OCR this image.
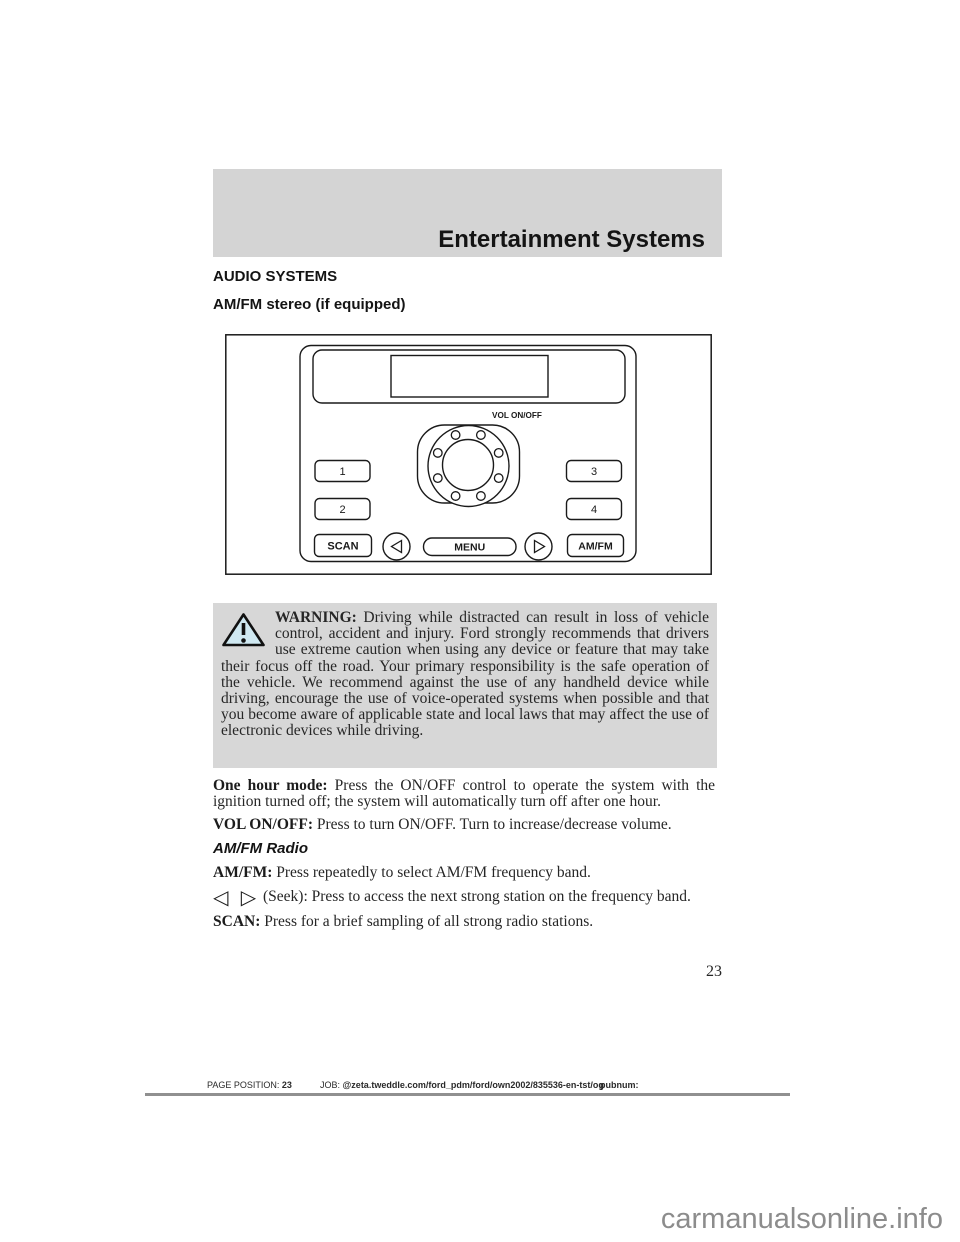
Entertainment Systems
AUDIO SYSTEMS
AM/FM stereo (if equipped)
VOL ON/OFF
1
2
3
4
SCAN	MENU	AM/FM

WARNING: Driving while distracted can result in loss of vehicle control, accident and injury. Ford strongly recommends that drivers use extreme caution when using any device or feature that may take their focus off the road. Your primary responsibility is the safe operation of the vehicle. We recommend against the use of any handheld device while driving, encourage the use of voice-operated systems when possible and that you become aware of applicable state and local laws that may affect the use of electronic devices while driving.

One hour mode: Press the ON/OFF control to operate the system with the ignition turned off; the system will automatically turn off after one hour.

VOL ON/OFF: Press to turn ON/OFF. Turn to increase/decrease volume.

AM/FM Radio

AM/FM: Press repeatedly to select AM/FM frequency band.

◁ ▷ (Seek): Press to access the next strong station on the frequency band.

SCAN: Press for a brief sampling of all strong radio stations.

23
PAGE POSITION: 23	JOB: @zeta.tweddle.com/ford_pdm/ford/own2002/835536-en-tst/og
pubnum:
carmanualsonline.info
